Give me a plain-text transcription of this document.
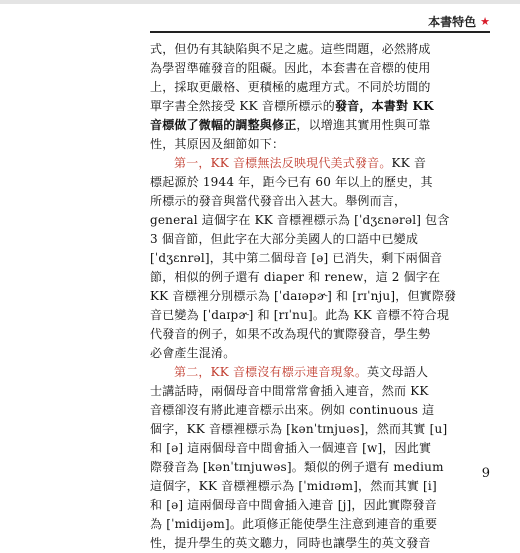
本書特色 ★
式，但仍有其缺陷與不足之處。這些問題，必然將成
為學習準確發音的阻礙。因此，本套書在音標的使用
上，採取更嚴格、更積極的處理方式。不同於坊間的
單字書全然接受 KK 音標所標示的發音，本書對 KK
音標做了微幅的調整與修正，以增進其實用性與可靠
性，其原因及細節如下：
第一，KK 音標無法反映現代美式發音。KK 音
標起源於 1944 年，距今已有 60 年以上的歷史，其
所標示的發音與當代發音出入甚大。舉例而言，
general 這個字在 KK 音標裡標示為 [ˈdʒɛnərəl] 包含
3 個音節，但此字在大部分美國人的口語中已變成
[ˈdʒɛnrəl]，其中第二個母音 [ə] 已消失，剩下兩個音
節，相似的例子還有 diaper 和 renew，這 2 個字在
KK 音標裡分別標示為 [ˈdaɪəpɚ] 和 [rɪˈnju]，但實際發
音已變為 [ˈdaɪpɚ] 和 [rɪˈnu]。此為 KK 音標不符合現
代發音的例子，如果不改為現代的實際發音，學生勢
必會產生混淆。
第二，KK 音標沒有標示連音現象。英文母語人
士講話時，兩個母音中間常常會插入連音，然而 KK
音標卻沒有將此連音標示出來。例如 continuous 這
個字，KK 音標裡標示為 [kənˈtɪnjuəs]，然而其實 [u]
和 [ə] 這兩個母音中間會插入一個連音 [w]，因此實
際發音為 [kənˈtɪnjuwəs]。類似的例子還有 medium
這個字，KK 音標裡標示為 [ˈmidɪəm]，然而其實 [i]
和 [ə] 這兩個母音中間會插入連音 [j]，因此實際發音
為 [ˈmidijəm]。此項修正能使學生注意到連音的重要
性，提升學生的英文聽力，同時也讓學生的英文發音
9
